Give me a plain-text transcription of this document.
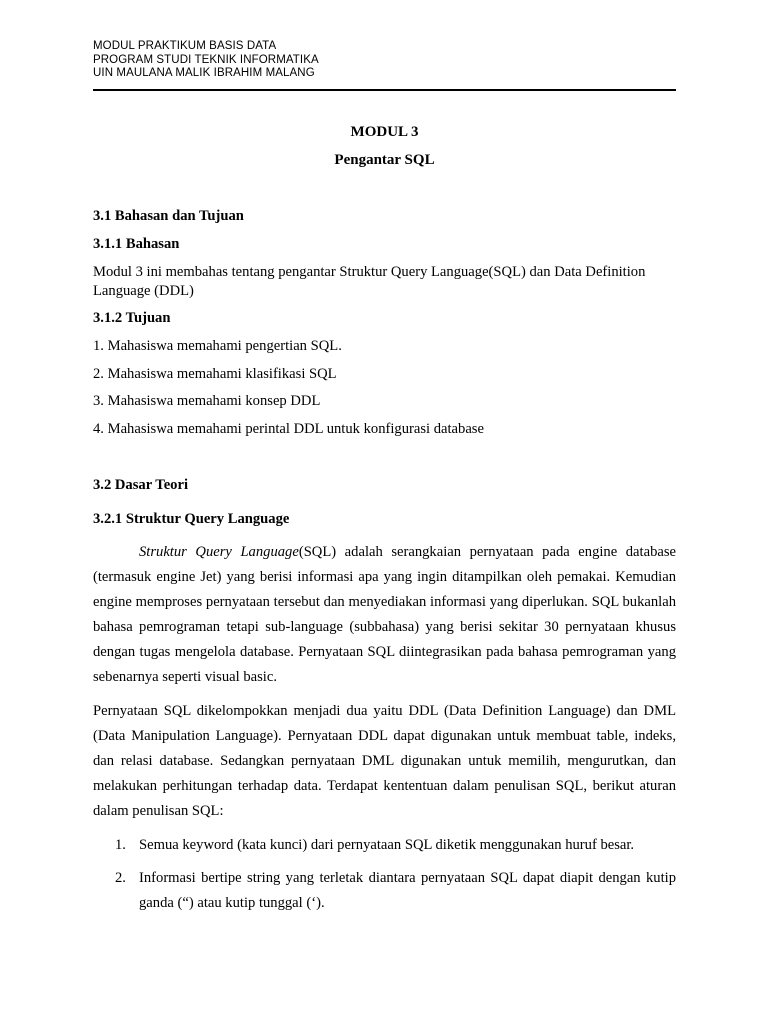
MODUL PRAKTIKUM BASIS DATA
PROGRAM STUDI TEKNIK INFORMATIKA
UIN MAULANA MALIK IBRAHIM MALANG
MODUL 3
Pengantar SQL
3.1 Bahasan dan Tujuan
3.1.1 Bahasan
Modul 3 ini membahas tentang pengantar Struktur Query Language(SQL) dan Data Definition Language (DDL)
3.1.2 Tujuan
1. Mahasiswa memahami pengertian SQL.
2. Mahasiswa memahami klasifikasi SQL
3. Mahasiswa memahami konsep DDL
4. Mahasiswa memahami perintal DDL untuk konfigurasi database
3.2 Dasar Teori
3.2.1 Struktur Query Language
Struktur Query Language(SQL) adalah serangkaian pernyataan pada engine database (termasuk engine Jet) yang berisi informasi apa yang ingin ditampilkan oleh pemakai. Kemudian engine memproses pernyataan tersebut dan menyediakan informasi yang diperlukan. SQL bukanlah bahasa pemrograman tetapi sub-language (subbahasa) yang berisi sekitar 30 pernyataan khusus dengan tugas mengelola database. Pernyataan SQL diintegrasikan pada bahasa pemrograman yang sebenarnya seperti visual basic.
Pernyataan SQL dikelompokkan menjadi dua yaitu DDL (Data Definition Language) dan DML (Data Manipulation Language). Pernyataan DDL dapat digunakan untuk membuat table, indeks, dan relasi database. Sedangkan pernyataan DML digunakan untuk memilih, mengurutkan, dan melakukan perhitungan terhadap data. Terdapat kententuan dalam penulisan SQL, berikut aturan dalam penulisan SQL:
1. Semua keyword (kata kunci) dari pernyataan SQL diketik menggunakan huruf besar.
2. Informasi bertipe string yang terletak diantara pernyataan SQL dapat diapit dengan kutip ganda (“) atau kutip tunggal (‘).
